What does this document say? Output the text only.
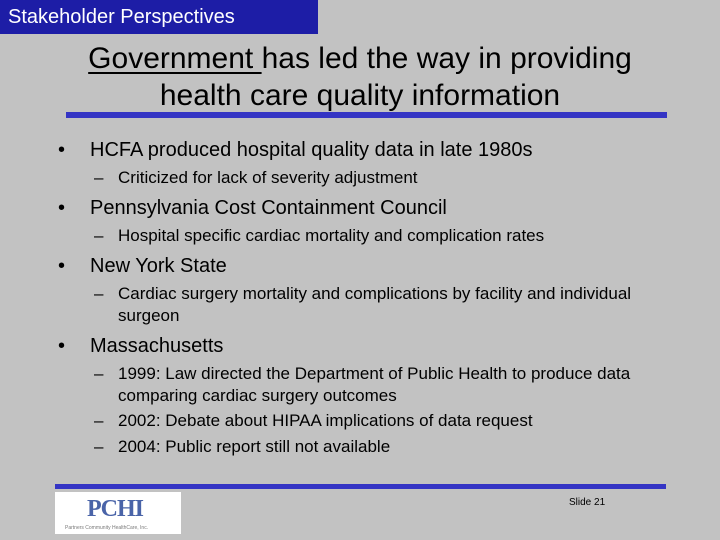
Stakeholder Perspectives
Government has led the way in providing
health care quality information
• HCFA produced hospital quality data in late 1980s
– Criticized for lack of severity adjustment
• Pennsylvania Cost Containment Council
– Hospital specific cardiac mortality and complication rates
• New York State
– Cardiac surgery mortality and complications by facility and individual surgeon
• Massachusetts
– 1999: Law directed the Department of Public Health to produce data comparing cardiac surgery outcomes
– 2002: Debate about HIPAA implications of data request
– 2004: Public report still not available
PCHI
Partners Community HealthCare, Inc.
Slide 21
